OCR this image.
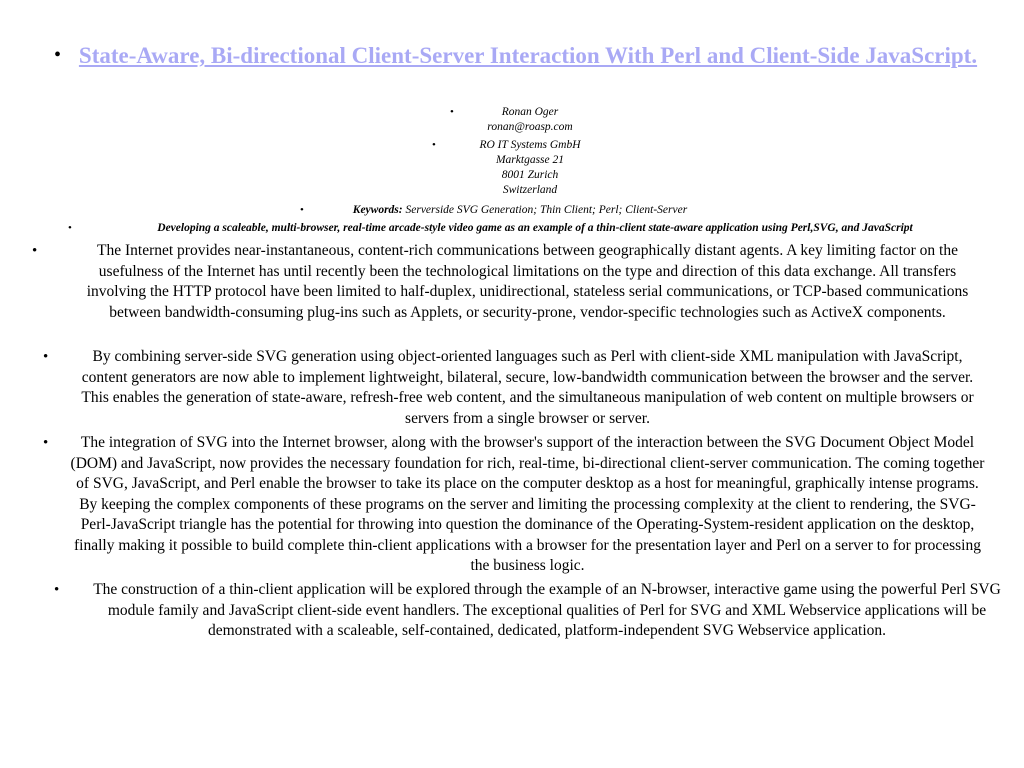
• State-Aware, Bi-directional Client-Server Interaction With Perl and Client-Side JavaScript.
•	Ronan Oger
ronan@roasp.com
•	RO IT Systems GmbH
Marktgasse 21
8001 Zurich
Switzerland
•	Keywords: Serverside SVG Generation; Thin Client; Perl; Client-Server
•	Developing a scaleable, multi-browser, real-time arcade-style video game as an example of a thin-client state-aware application using Perl,SVG, and JavaScript
•	The Internet provides near-instantaneous, content-rich communications between geographically distant agents. A key limiting factor on the usefulness of the Internet has until recently been the technological limitations on the type and direction of this data exchange. All transfers involving the HTTP protocol have been limited to half-duplex, unidirectional, stateless serial communications, or TCP-based communications between bandwidth-consuming plug-ins such as Applets, or security-prone, vendor-specific technologies such as ActiveX components.
•	By combining server-side SVG generation using object-oriented languages such as Perl with client-side XML manipulation with JavaScript, content generators are now able to implement lightweight, bilateral, secure, low-bandwidth communication between the browser and the server. This enables the generation of state-aware, refresh-free web content, and the simultaneous manipulation of web content on multiple browsers or servers from a single browser or server.
• The integration of SVG into the Internet browser, along with the browser's support of the interaction between the SVG Document Object Model (DOM) and JavaScript, now provides the necessary foundation for rich, real-time, bi-directional client-server communication. The coming together of SVG, JavaScript, and Perl enable the browser to take its place on the computer desktop as a host for meaningful, graphically intense programs. By keeping the complex components of these programs on the server and limiting the processing complexity at the client to rendering, the SVG-Perl-JavaScript triangle has the potential for throwing into question the dominance of the Operating-System-resident application on the desktop, finally making it possible to build complete thin-client applications with a browser for the presentation layer and Perl on a server to for processing the business logic.
• The construction of a thin-client application will be explored through the example of an N-browser, interactive game using the powerful Perl SVG module family and JavaScript client-side event handlers. The exceptional qualities of Perl for SVG and XML Webservice applications will be demonstrated with a scaleable, self-contained, dedicated, platform-independent SVG Webservice application.
